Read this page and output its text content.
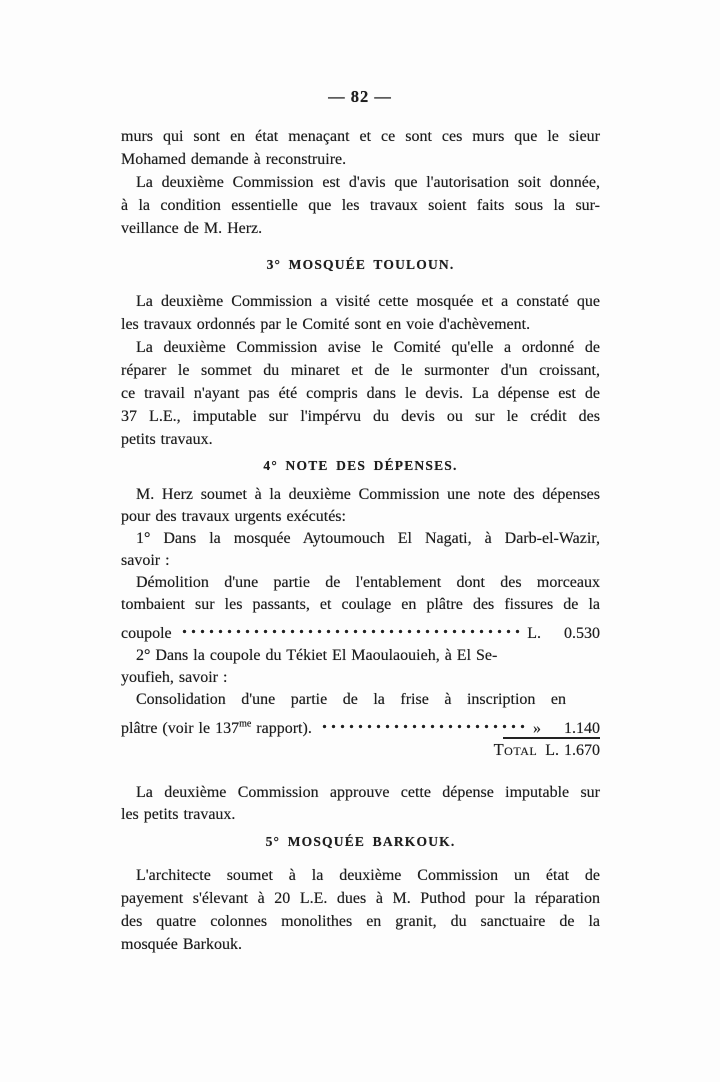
— 82 —
murs qui sont en état menaçant et ce sont ces murs que le sieur
Mohamed demande à reconstruire.
La deuxième Commission est d'avis que l'autorisation soit donnée,
à la condition essentielle que les travaux soient faits sous la sur-
veillance de M. Herz.
3° MOSQUÉE TOULOUN.
La deuxième Commission a visité cette mosquée et a constaté que
les travaux ordonnés par le Comité sont en voie d'achèvement.
La deuxième Commission avise le Comité qu'elle a ordonné de
réparer le sommet du minaret et de le surmonter d'un croissant,
ce travail n'ayant pas été compris dans le devis. La dépense est de
37 L.E., imputable sur l'impérvu du devis ou sur le crédit des
petits travaux.
4° NOTE DES DÉPENSES.
M. Herz soumet à la deuxième Commission une note des dépenses
pour des travaux urgents exécutés:
1° Dans la mosquée Aytoumouch El Nagati, à Darb-el-Wazir,
savoir :
Démolition d'une partie de l'entablement dont des morceaux
tombaient sur les passants, et coulage en plâtre des fissures de la
coupole	L.	0.530
2° Dans la coupole du Tékiet El Maoulaouieh, à El Se-
youfieh, savoir :
Consolidation d'une partie de la frise à inscription en
plâtre (voir le $137^{me}$ rapport).	»	1.140
Total L. 1.670
La deuxième Commission approuve cette dépense imputable sur
les petits travaux.
5° MOSQUÉE BARKOUK.
L'architecte soumet à la deuxième Commission un état de
payement s'élevant à 20 L.E. dues à M. Puthod pour la réparation
des quatre colonnes monolithes en granit, du sanctuaire de la
mosquée Barkouk.
